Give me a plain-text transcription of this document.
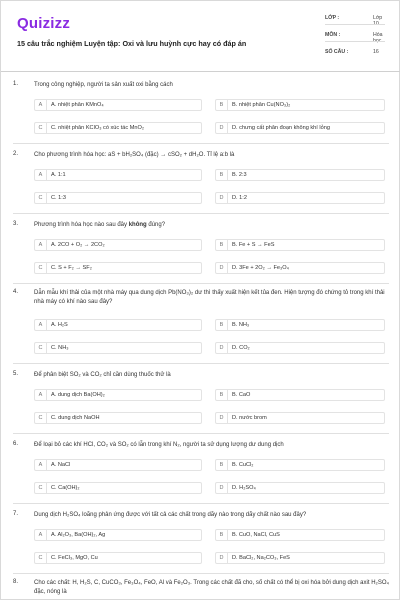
Quizizz
15 câu trắc nghiệm Luyện tập: Oxi và lưu huỳnh cực hay có đáp án
LỚP :	Lớp 10
MÔN :	Hóa học
SỐ CÂU :	16
1.	Trong công nghiệp, người ta sản xuất oxi bằng cách
A	A. nhiệt phân KMnO₄	B	B. nhiệt phân Cu(NO₃)₂
C	C. nhiệt phân KClO₃ có xúc tác MnO₂	D	D. chưng cất phân đoạn không khí lỏng
2.	Cho phương trình hóa học: aS + bH₂SO₄ (đặc) → cSO₂ + dH₂O. Tỉ lệ a:b là
A	A. 1:1	B	B. 2:3
C	C. 1:3	D	D. 1:2
3.	Phương trình hóa học nào sau đây không đúng?
A	A. 2CO + O₂ → 2CO₂	B	B. Fe + S → FeS
C	C. S + F₂ → SF₂	D	D. 3Fe + 2O₂ → Fe₃O₄
4.	Dẫn mẫu khí thải của một nhà máy qua dung dịch Pb(NO₃)₂ dư thì thấy xuất hiện kết tủa đen. Hiện tượng đó chứng tỏ trong khí thải nhà máy có khí nào sau đây?
A	A. H₂S	B	B. NH₃
C	C. NH₃	D	D. CO₂
5.	Để phân biệt SO₂ và CO₂ chỉ cần dùng thuốc thử là
A	A. dung dịch Ba(OH)₂	B	B. CaO
C	C. dung dịch NaOH	D	D. nước brom
6.	Để loại bỏ các khí HCl, CO₂ và SO₂ có lẫn trong khí N₂, người ta sử dụng lượng dư dung dịch
A	A. NaCl	B	B. CuCl₂
C	C. Ca(OH)₂	D	D. H₂SO₄
7.	Dung dịch H₂SO₄ loãng phản ứng được với tất cả các chất trong dãy nào trong dãy chất nào sau đây?
A	A. Al₂O₃, Ba(OH)₂, Ag	B	B. CuO, NaCl, CuS
C	C. FeCl₃, MgO, Cu	D	D. BaCl₂, Na₂CO₃, FeS
8.	Cho các chất: H, H₂S, C, CuCO₃, Fe₃O₄, FeO, Al và Fe₂O₃. Trong các chất đã cho, số chất có thể bị oxi hóa bởi dung dịch axit H₂SO₄ đặc, nóng là
